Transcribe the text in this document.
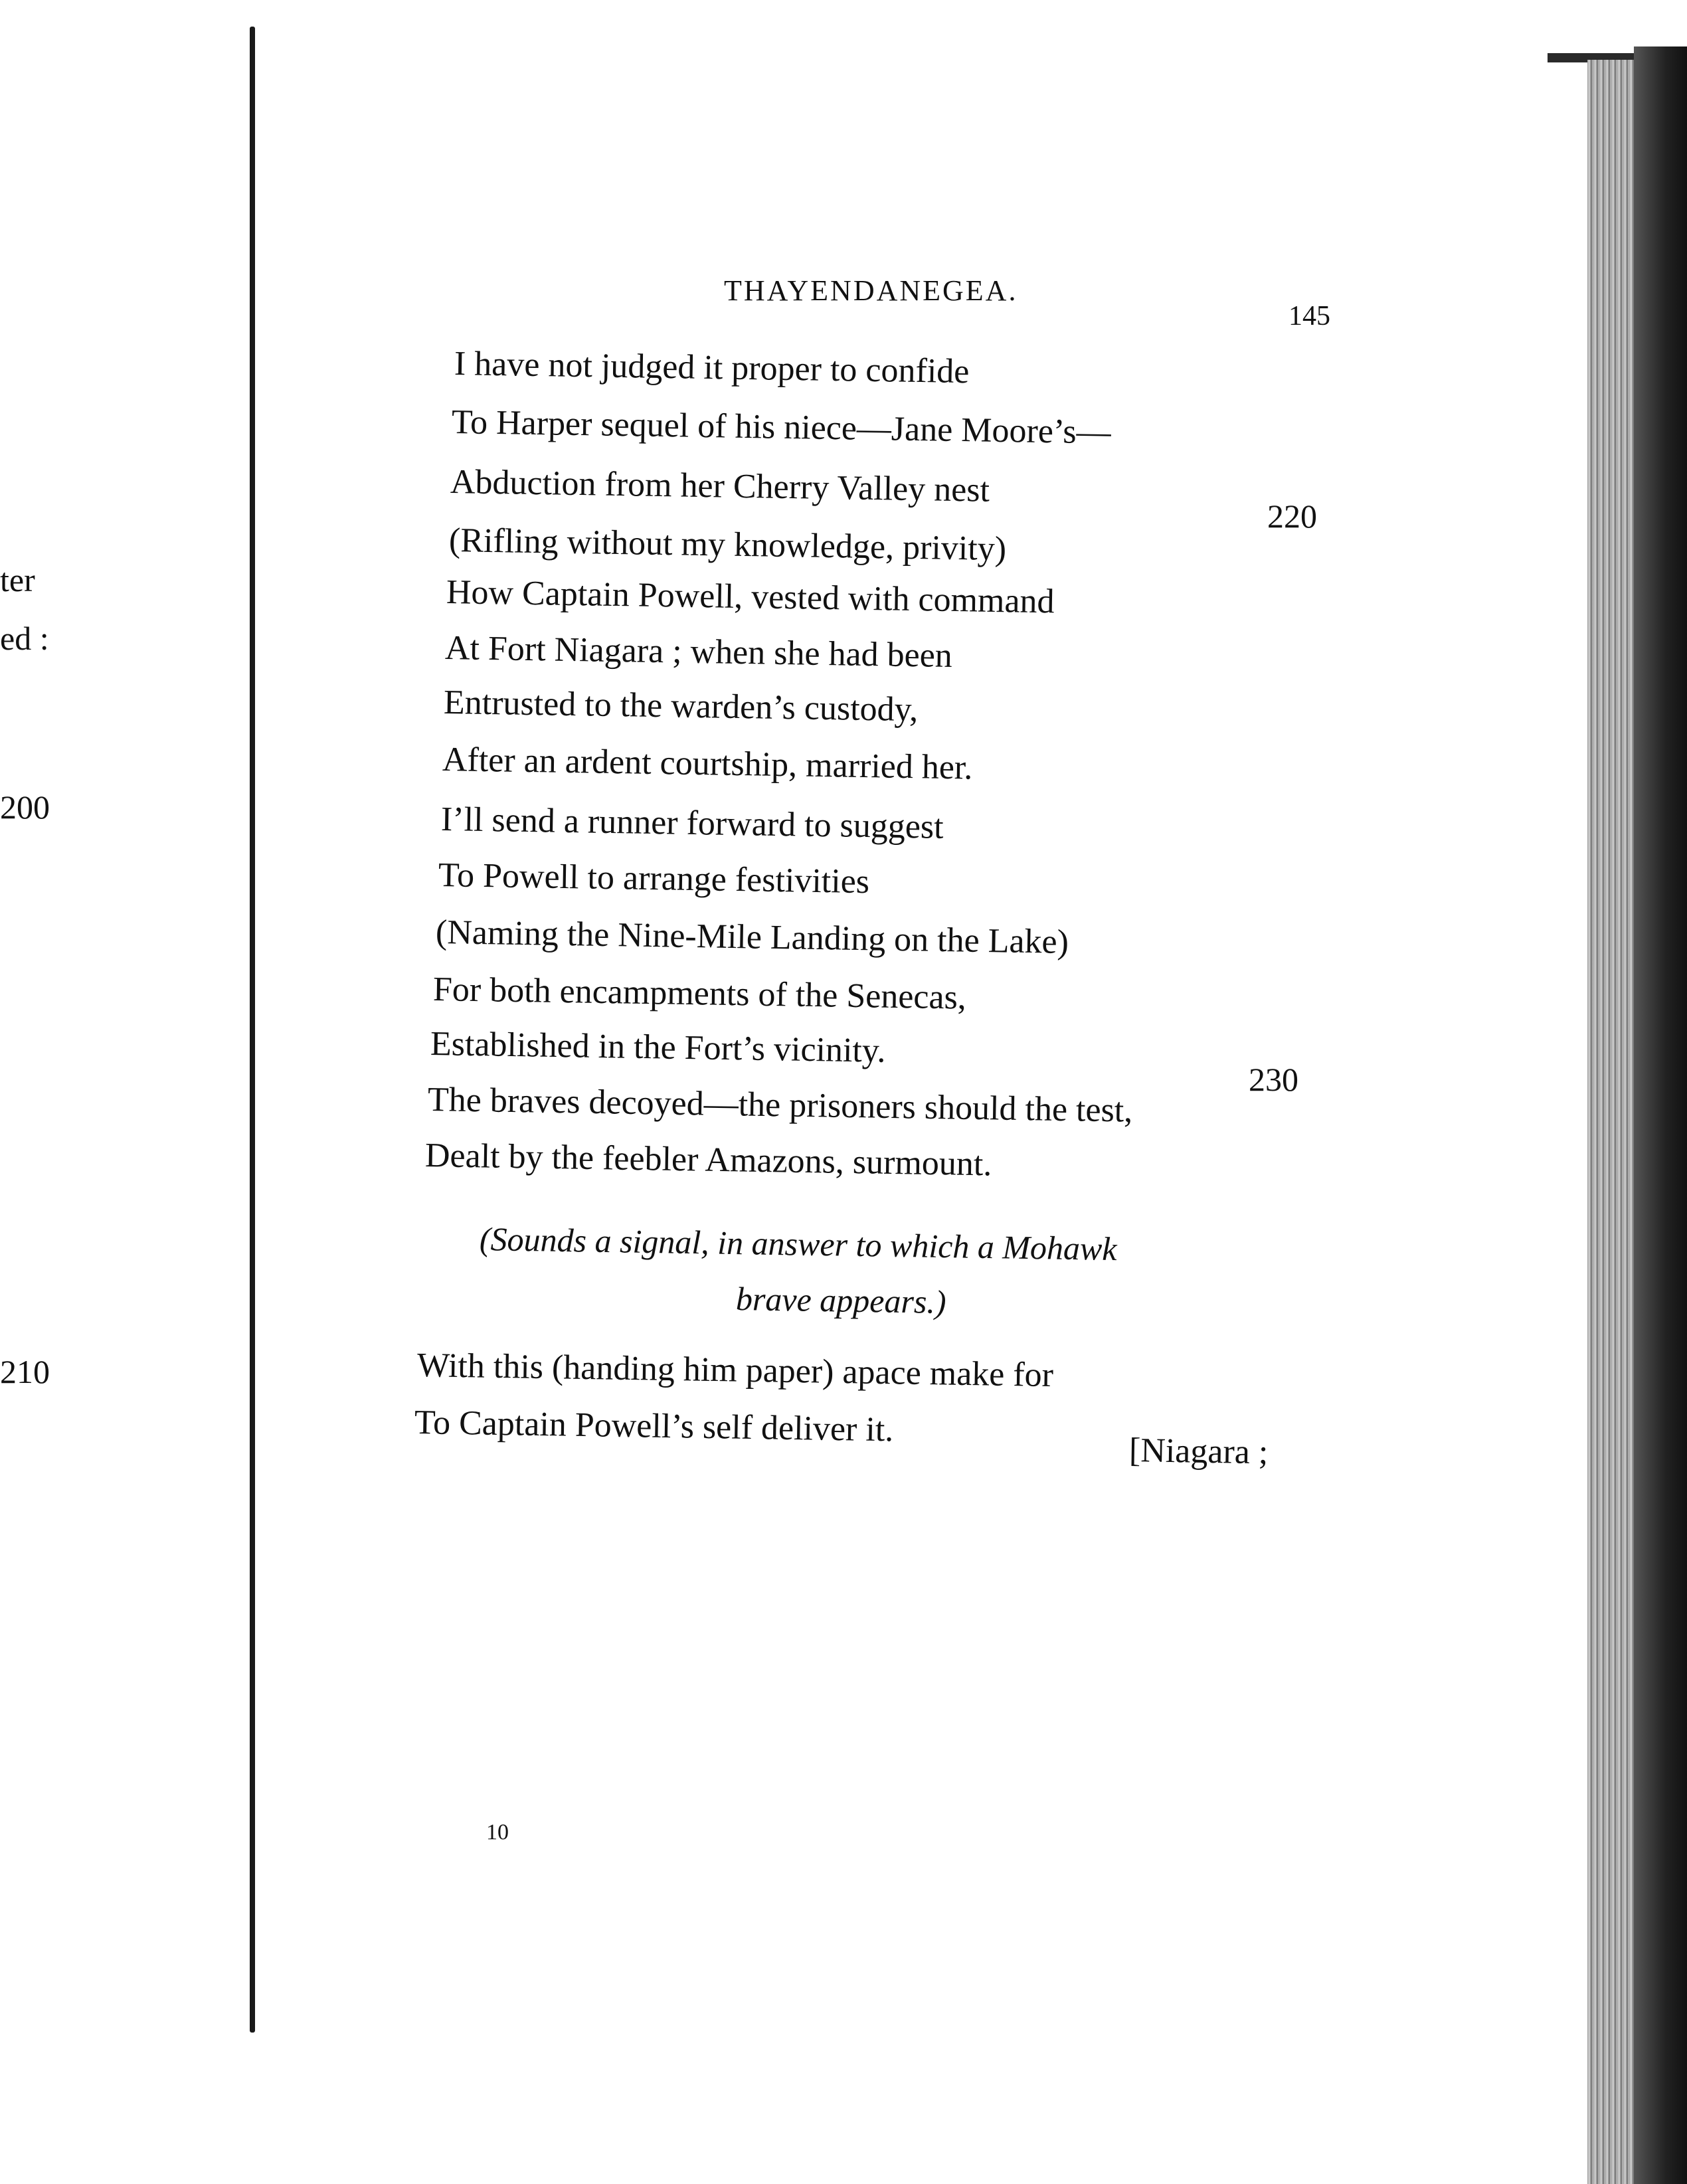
ter
ed :
200
210
THAYENDANEGEA.
145
I have not judged it proper to confide
To Harper sequel of his niece—Jane Moore’s—
Abduction from her Cherry Valley nest
(Rifling without my knowledge, privity)
How Captain Powell, vested with command
At Fort Niagara ; when she had been
Entrusted to the warden’s custody,
After an ardent courtship, married her.
I’ll send a runner forward to suggest
To Powell to arrange festivities
(Naming the Nine-Mile Landing on the Lake)
For both encampments of the Senecas,
Established in the Fort’s vicinity.
The braves decoyed—the prisoners should the test,
Dealt by the feebler Amazons, surmount.
220
230
(Sounds a signal, in answer to which a Mohawk
brave appears.)
With this (handing him paper) apace make for
To Captain Powell’s self deliver it.
[Niagara ;
10
